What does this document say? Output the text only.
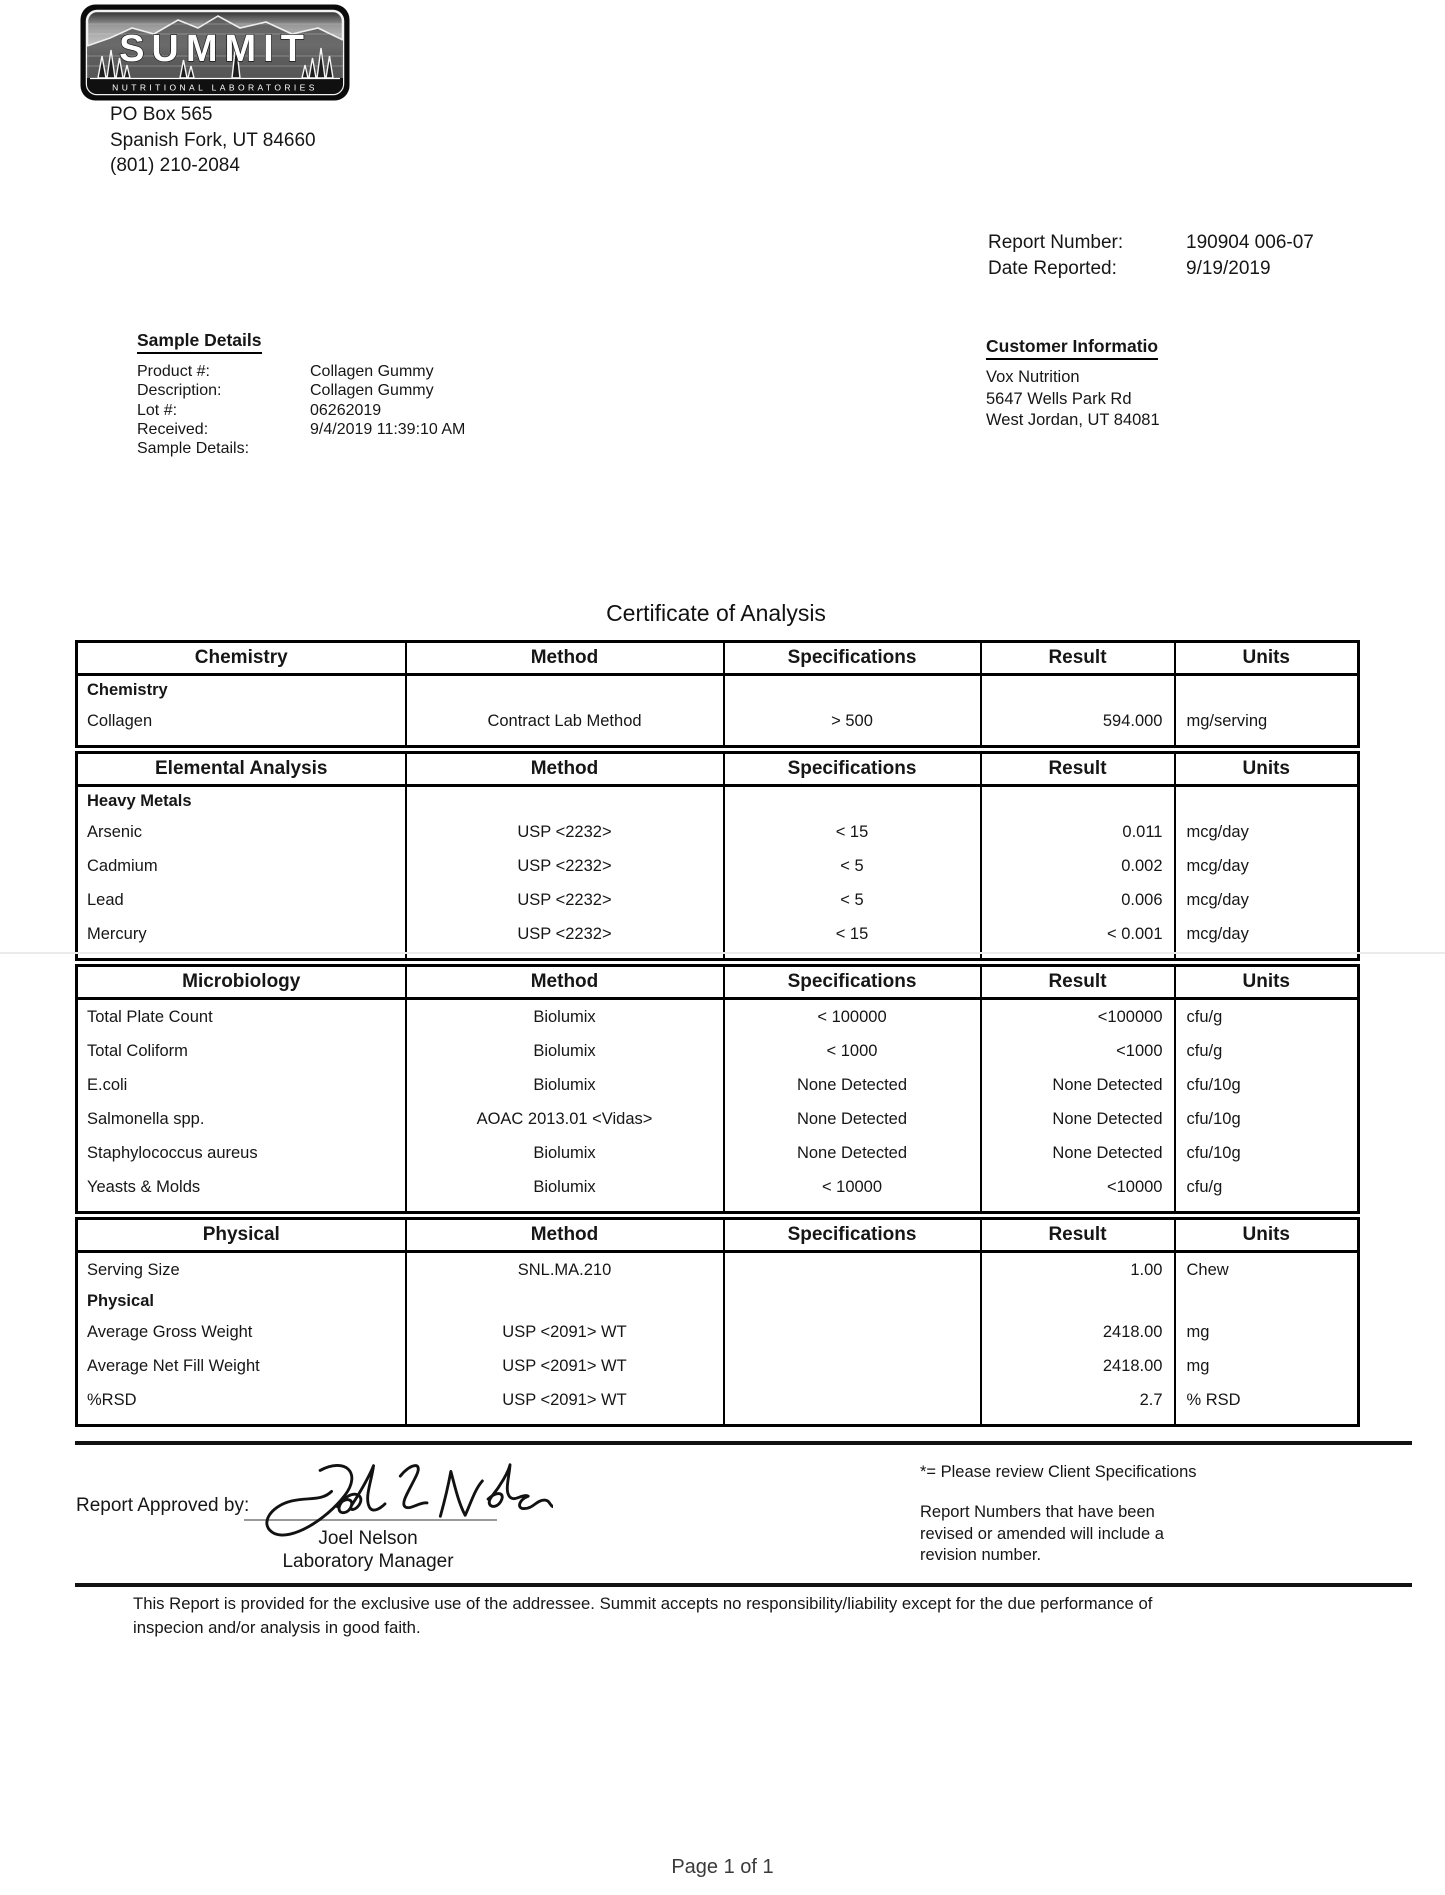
SUMMIT
NUTRITIONAL LABORATORIES
PO Box 565
Spanish Fork, UT 84660
(801) 210-2084
Report Number:	190904 006-07
Date Reported:	9/19/2019
Sample Details
Product #:	Collagen Gummy
Description:	Collagen Gummy
Lot #:	06262019
Received:	9/4/2019 11:39:10 AM
Sample Details:
Customer Informatio
Vox Nutrition
5647 Wells Park Rd
West Jordan, UT 84081
Certificate of Analysis
Chemistry	Method	Specifications	Result	Units
Chemistry				
Collagen	Contract Lab Method	> 500	594.000	mg/serving

Elemental Analysis	Method	Specifications	Result	Units
Heavy Metals				
Arsenic	USP <2232>	< 15	0.011	mcg/day
Cadmium	USP <2232>	< 5	0.002	mcg/day
Lead	USP <2232>	< 5	0.006	mcg/day
Mercury	USP <2232>	< 15	< 0.001	mcg/day

Microbiology	Method	Specifications	Result	Units
Total Plate Count	Biolumix	< 100000	<100000	cfu/g
Total Coliform	Biolumix	< 1000	<1000	cfu/g
E.coli	Biolumix	None Detected	None Detected	cfu/10g
Salmonella spp.	AOAC 2013.01 <Vidas>	None Detected	None Detected	cfu/10g
Staphylococcus aureus	Biolumix	None Detected	None Detected	cfu/10g
Yeasts & Molds	Biolumix	< 10000	<10000	cfu/g

Physical	Method	Specifications	Result	Units
Serving Size	SNL.MA.210		1.00	Chew
Physical				
Average Gross Weight	USP <2091> WT		2418.00	mg
Average Net Fill Weight	USP <2091> WT		2418.00	mg
%RSD	USP <2091> WT		2.7	% RSD

Report Approved by:
Joel Nelson
Laboratory Manager
*= Please review Client Specifications
Report Numbers that have been
revised or amended will include a
revision number.
This Report is provided for the exclusive use of the addressee. Summit accepts no responsibility/liability except for the due performance of
inspecion and/or analysis in good faith.
Page 1 of 1
